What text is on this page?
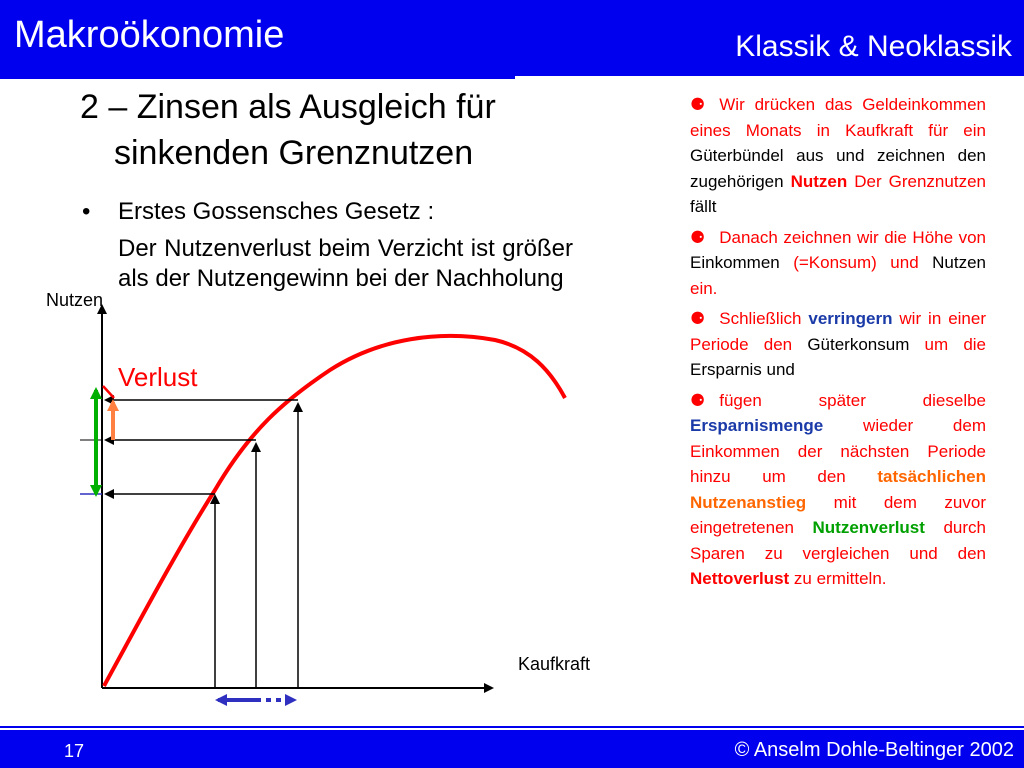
Makroökonomie	Klassik & Neoklassik
2 – Zinsen als Ausgleich für
sinkenden Grenznutzen
• Erstes Gossensches Gesetz :
Der Nutzenverlust beim Verzicht ist größer als der Nutzengewinn bei der Nachholung
Nutzen
Kaufkraft
Verlust

⚈ Wir drücken das Geldeinkommen eines Monats in Kaufkraft für ein Güterbündel aus und zeichnen den zugehörigen Nutzen Der Grenznutzen fällt

⚈ Danach zeichnen wir die Höhe von Einkommen (=Konsum) und Nutzen ein.

⚈ Schließlich verringern wir in einer Periode den Güterkonsum um die Ersparnis und

⚈ fügen später dieselbe Ersparnismenge wieder dem Einkommen der nächsten Periode hinzu um den tatsächlichen Nutzenanstieg mit dem zuvor eingetretenen Nutzenverlust durch Sparen zu vergleichen und den Nettoverlust zu ermitteln.

17	© Anselm Dohle-Beltinger 2002
